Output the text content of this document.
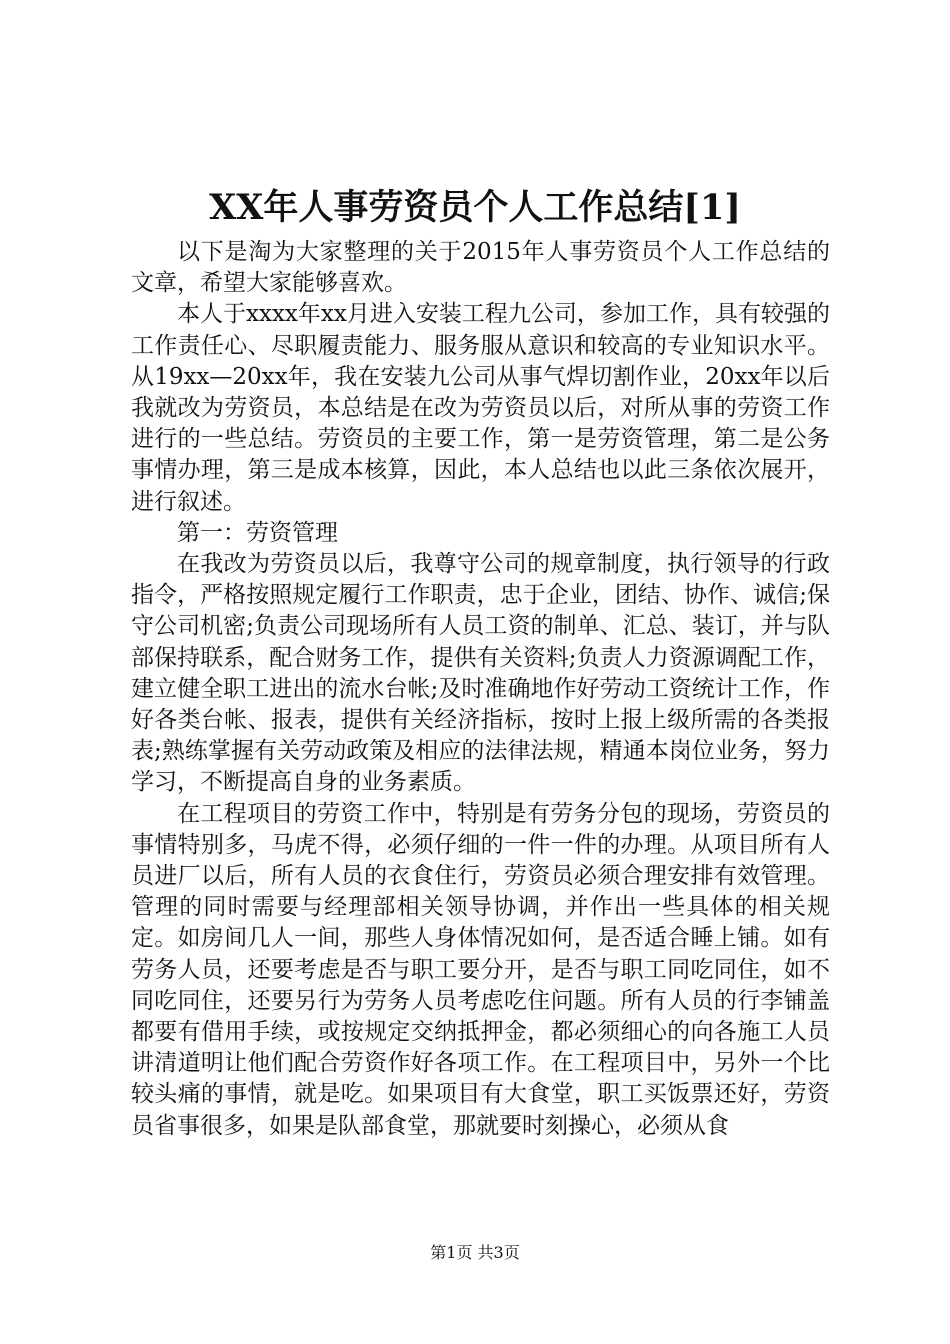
XX年人事劳资员个人工作总结[1]

以下是淘为大家整理的关于2015年人事劳资员个人工作总结的文章，希望大家能够喜欢。

本人于xxxx年xx月进入安装工程九公司，参加工作，具有较强的工作责任心、尽职履责能力、服务服从意识和较高的专业知识水平。从19xx—20xx年，我在安装九公司从事气焊切割作业，20xx年以后我就改为劳资员，本总结是在改为劳资员以后，对所从事的劳资工作进行的一些总结。劳资员的主要工作，第一是劳资管理，第二是公务事情办理，第三是成本核算，因此，本人总结也以此三条依次展开，进行叙述。

第一：劳资管理

在我改为劳资员以后，我尊守公司的规章制度，执行领导的行政指令，严格按照规定履行工作职责，忠于企业，团结、协作、诚信;保守公司机密;负责公司现场所有人员工资的制单、汇总、装订，并与队部保持联系，配合财务工作，提供有关资料;负责人力资源调配工作，建立健全职工进出的流水台帐;及时准确地作好劳动工资统计工作，作好各类台帐、报表，提供有关经济指标，按时上报上级所需的各类报表;熟练掌握有关劳动政策及相应的法律法规，精通本岗位业务，努力学习，不断提高自身的业务素质。

在工程项目的劳资工作中，特别是有劳务分包的现场，劳资员的事情特别多，马虎不得，必须仔细的一件一件的办理。从项目所有人员进厂以后，所有人员的衣食住行，劳资员必须合理安排有效管理。管理的同时需要与经理部相关领导协调，并作出一些具体的相关规定。如房间几人一间，那些人身体情况如何，是否适合睡上铺。如有劳务人员，还要考虑是否与职工要分开，是否与职工同吃同住，如不同吃同住，还要另行为劳务人员考虑吃住问题。所有人员的行李铺盖都要有借用手续，或按规定交纳抵押金，都必须细心的向各施工人员讲清道明让他们配合劳资作好各项工作。在工程项目中，另外一个比较头痛的事情，就是吃。如果项目有大食堂，职工买饭票还好，劳资员省事很多，如果是队部食堂，那就要时刻操心，必须从食

第1页 共3页
